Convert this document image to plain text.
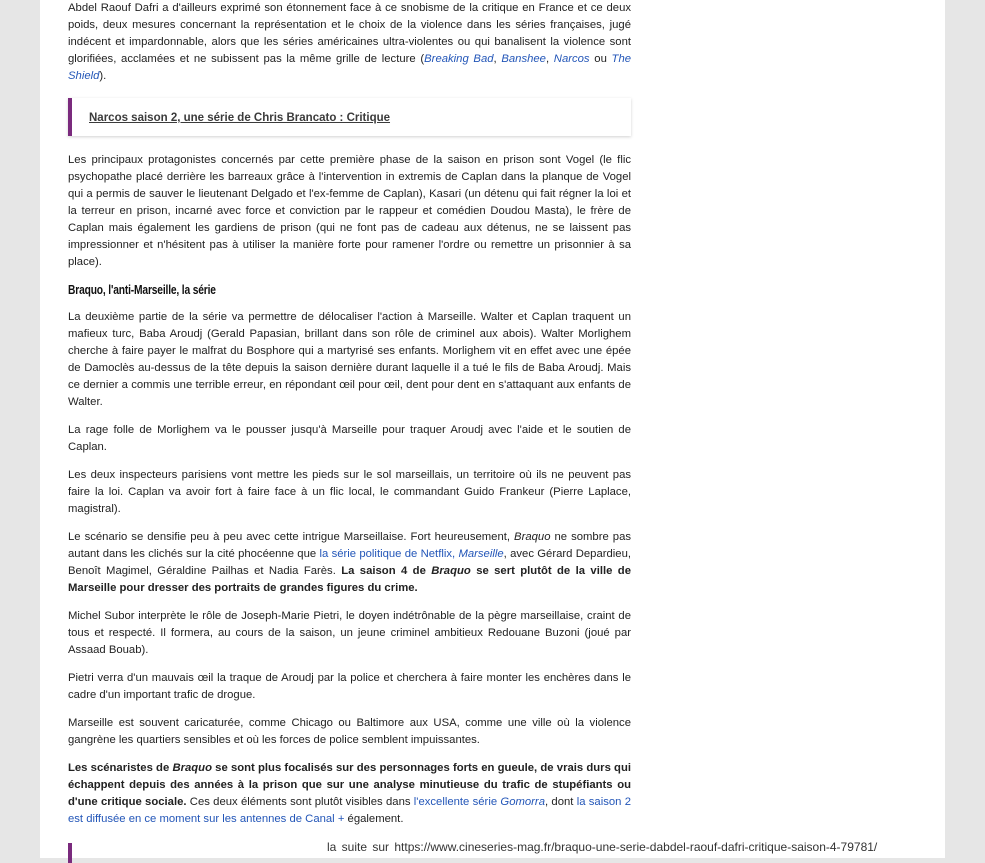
Abdel Raouf Dafri a d'ailleurs exprimé son étonnement face à ce snobisme de la critique en France et ce deux poids, deux mesures concernant la représentation et le choix de la violence dans les séries françaises, jugé indécent et impardonnable, alors que les séries américaines ultra-violentes ou qui banalisent la violence sont glorifiées, acclamées et ne subissent pas la même grille de lecture (Breaking Bad, Banshee, Narcos ou The Shield).

Narcos saison 2, une série de Chris Brancato : Critique

Les principaux protagonistes concernés par cette première phase de la saison en prison sont Vogel (le flic psychopathe placé derrière les barreaux grâce à l'intervention in extremis de Caplan dans la planque de Vogel qui a permis de sauver le lieutenant Delgado et l'ex-femme de Caplan), Kasari (un détenu qui fait régner la loi et la terreur en prison, incarné avec force et conviction par le rappeur et comédien Doudou Masta), le frère de Caplan mais également les gardiens de prison (qui ne font pas de cadeau aux détenus, ne se laissent pas impressionner et n'hésitent pas à utiliser la manière forte pour ramener l'ordre ou remettre un prisonnier à sa place).

Braquo, l'anti-Marseille, la série

La deuxième partie de la série va permettre de délocaliser l'action à Marseille. Walter et Caplan traquent un mafieux turc, Baba Aroudj (Gerald Papasian, brillant dans son rôle de criminel aux abois). Walter Morlighem cherche à faire payer le malfrat du Bosphore qui a martyrisé ses enfants. Morlighem vit en effet avec une épée de Damoclès au-dessus de la tête depuis la saison dernière durant laquelle il a tué le fils de Baba Aroudj. Mais ce dernier a commis une terrible erreur, en répondant œil pour œil, dent pour dent en s'attaquant aux enfants de Walter.

La rage folle de Morlighem va le pousser jusqu'à Marseille pour traquer Aroudj avec l'aide et le soutien de Caplan.

Les deux inspecteurs parisiens vont mettre les pieds sur le sol marseillais, un territoire où ils ne peuvent pas faire la loi. Caplan va avoir fort à faire face à un flic local, le commandant Guido Frankeur (Pierre Laplace, magistral).

Le scénario se densifie peu à peu avec cette intrigue Marseillaise. Fort heureusement, Braquo ne sombre pas autant dans les clichés sur la cité phocéenne que la série politique de Netflix, Marseille, avec Gérard Depardieu, Benoît Magimel, Géraldine Pailhas et Nadia Farès. La saison 4 de Braquo se sert plutôt de la ville de Marseille pour dresser des portraits de grandes figures du crime.

Michel Subor interprète le rôle de Joseph-Marie Pietri, le doyen indétrônable de la pègre marseillaise, craint de tous et respecté. Il formera, au cours de la saison, un jeune criminel ambitieux Redouane Buzoni (joué par Assaad Bouab).

Pietri verra d'un mauvais œil la traque de Aroudj par la police et cherchera à faire monter les enchères dans le cadre d'un important trafic de drogue.

Marseille est souvent caricaturée, comme Chicago ou Baltimore aux USA, comme une ville où la violence gangrène les quartiers sensibles et où les forces de police semblent impuissantes.

Les scénaristes de Braquo se sont plus focalisés sur des personnages forts en gueule, de vrais durs qui échappent depuis des années à la prison que sur une analyse minutieuse du trafic de stupéfiants ou d'une critique sociale. Ces deux éléments sont plutôt visibles dans l'excellente série Gomorra, dont la saison 2 est diffusée en ce moment sur les antennes de Canal + également.

la suite sur https://www.cineseries-mag.fr/braquo-une-serie-dabdel-raouf-dafri-critique-saison-4-79781/
